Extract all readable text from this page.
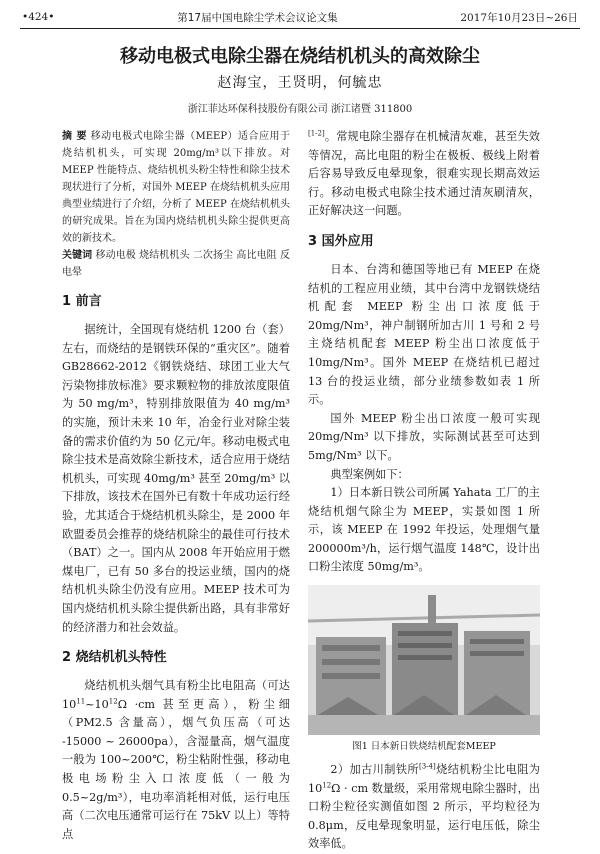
•424•	第17届中国电除尘学术会议论文集	2017年10月23日~26日
移动电极式电除尘器在烧结机机头的高效除尘
赵海宝，王贤明，何毓忠
浙江菲达环保科技股份有限公司 浙江诸暨 311800

摘 要 移动电极式电除尘器（MEEP）适合应用于烧结机机头，可实现 20mg/m³以下排放。对 MEEP 性能特点、烧结机机头粉尘特性和除尘技术现状进行了分析，对国外 MEEP 在烧结机机头应用典型业绩进行了介绍，分析了 MEEP 在烧结机机头的研究成果。旨在为国内烧结机机头除尘提供更高效的新技术。

关键词 移动电极 烧结机机头 二次扬尘 高比电阻 反电晕

1 前言

据统计，全国现有烧结机 1200 台（套）左右，而烧结的是钢铁环保的“重灾区”。随着 GB28662-2012《钢铁烧结、球团工业大气污染物排放标准》要求颗粒物的排放浓度限值为 50 mg/m³，特别排放限值为 40 mg/m³ 的实施，预计未来 10 年，冶金行业对除尘装备的需求价值约为 50 亿元/年。移动电极式电除尘技术是高效除尘新技术，适合应用于烧结机机头，可实现 40mg/m³ 甚至 20mg/m³ 以下排放，该技术在国外已有数十年成功运行经验，尤其适合于烧结机机头除尘，是 2000 年欧盟委员会推荐的烧结机除尘的最佳可行技术（BAT）之一。国内从 2008 年开始应用于燃煤电厂，已有 50 多台的投运业绩，国内的烧结机机头除尘仍没有应用。MEEP 技术可为国内烧结机机头除尘提供新出路，具有非常好的经济潜力和社会效益。

2 烧结机机头特性

烧结机机头烟气具有粉尘比电阻高（可达 $10^{11}\sim 10^{12}\Omega \cdot cm$ 甚至更高），粉尘细（PM2.5 含量高），烟气负压高（可达 -15000 ~ 26000pa），含湿量高，烟气温度一般为 100~200℃，粉尘粘附性强，移动电极电场粉尘入口浓度低（一般为 0.5~2g/m³），电功率消耗相对低，运行电压高（二次电压通常可运行在 75kV 以上）等特点

[1-2]。常规电除尘器存在机械清灰难，甚至失效等情况，高比电阻的粉尘在极板、极线上附着后容易导致反电晕现象，很难实现长期高效运行。移动电极式电除尘技术通过清灰刷清灰，正好解决这一问题。

3 国外应用

日本、台湾和德国等地已有 MEEP 在烧结机的工程应用业绩，其中台湾中龙钢铁烧结机配套 MEEP 粉尘出口浓度低于 20mg/Nm³，神户制钢所加古川 1 号和 2 号主烧结机配套 MEEP 粉尘出口浓度低于 10mg/Nm³。国外 MEEP 在烧结机已超过 13 台的投运业绩，部分业绩参数如表 1 所示。

国外 MEEP 粉尘出口浓度一般可实现 20mg/Nm³ 以下排放，实际测试甚至可达到 5mg/Nm³ 以下。

典型案例如下：

1）日本新日铁公司所属 Yahata 工厂的主烧结机烟气除尘为 MEEP，实景如图 1 所示，该 MEEP 在 1992 年投运，处理烟气量 200000m³/h，运行烟气温度 148℃，设计出口粉尘浓度 50mg/m³。

图1 日本新日铁烧结机配套MEEP

2）加古川制铁所[3-4]烧结机粉尘比电阻为 $10^{12}\Omega$ · cm 数量级，采用常规电除尘器时，出口粉尘粒径实测值如图 2 所示，平均粒径为 0.8μm，反电晕现象明显，运行电压低，除尘效率低。
